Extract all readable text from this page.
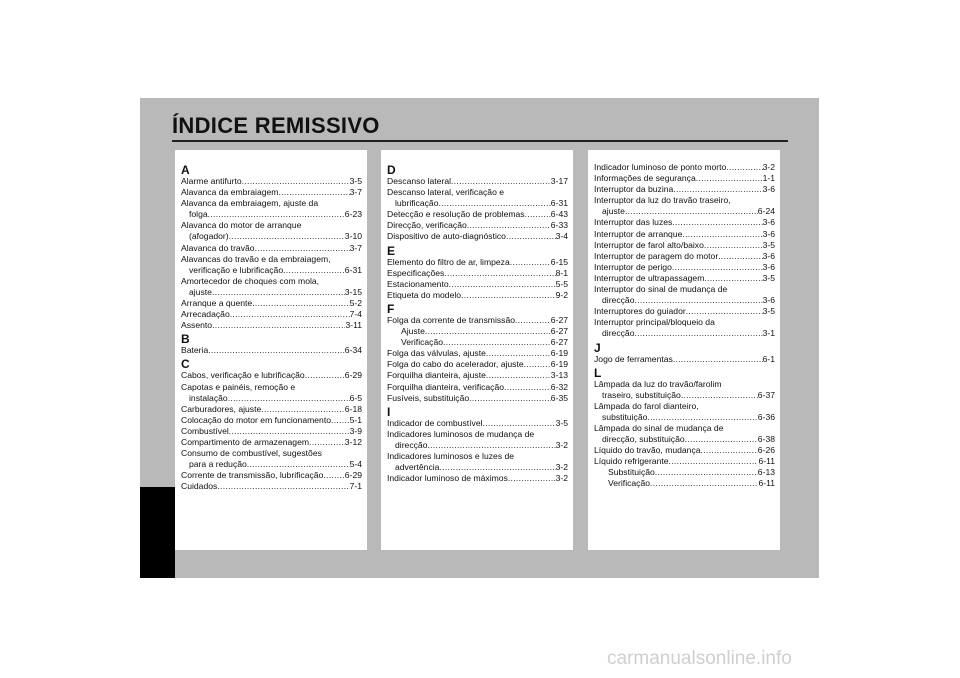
ÍNDICE REMISSIVO
A
Alarme antifurto .....	3-5
Alavanca da embraiagem .....	3-7
Alavanca da embraiagem, ajuste da
folga .....	6-23
Alavanca do motor de arranque
(afogador) .....	3-10
Alavanca do travão .....	3-7
Alavancas do travão e da embraiagem,
verificação e lubrificação .....	6-31
Amortecedor de choques com mola,
ajuste .....	3-15
Arranque a quente .....	5-2
Arrecadação .....	7-4
Assento .....	3-11
B
Bateria .....	6-34
C
Cabos, verificação e lubrificação .....	6-29
Capotas e painéis, remoção e
instalação .....	6-5
Carburadores, ajuste .....	6-18
Colocação do motor em funcionamento ..... 5-1
Combustível .....	3-9
Compartimento de armazenagem .....	3-12
Consumo de combustível, sugestões
para a redução .....	5-4
Corrente de transmissão, lubrificação ..... 6-29
Cuidados .....	7-1
D
Descanso lateral .....	3-17
Descanso lateral, verificação e
lubrificação .....	6-31
Detecção e resolução de problemas .....	6-43
Direcção, verificação .....	6-33
Dispositivo de auto-diagnóstico .....	3-4
E
Elemento do filtro de ar, limpeza .....	6-15
Especificações .....	8-1
Estacionamento .....	5-5
Etiqueta do modelo .....	9-2
F
Folga da corrente de transmissão .....	6-27
Ajuste .....	6-27
Verificação .....	6-27
Folga das válvulas, ajuste .....	6-19
Folga do cabo do acelerador, ajuste .....	6-19
Forquilha dianteira, ajuste .....	3-13
Forquilha dianteira, verificação .....	6-32
Fusíveis, substituição .....	6-35
I
Indicador de combustível .....	3-5
Indicadores luminosos de mudança de
direcção .....	3-2
Indicadores luminosos e luzes de
advertência .....	3-2
Indicador luminoso de máximos .....	3-2
Indicador luminoso de ponto morto .....	3-2
Informações de segurança .....	1-1
Interruptor da buzina .....	3-6
Interruptor da luz do travão traseiro,
ajuste .....	6-24
Interruptor das luzes .....	3-6
Interruptor de arranque .....	3-6
Interruptor de farol alto/baixo .....	3-5
Interruptor de paragem do motor .....	3-6
Interruptor de perigo .....	3-6
Interruptor de ultrapassagem .....	3-5
Interruptor do sinal de mudança de
direcção .....	3-6
Interruptores do guiador .....	3-5
Interruptor principal/bloqueio da
direcção .....	3-1
J
Jogo de ferramentas .....	6-1
L
Lâmpada da luz do travão/farolim
traseiro, substituição .....	6-37
Lâmpada do farol dianteiro,
substituição .....	6-36
Lâmpada do sinal de mudança de
direcção, substituição .....	6-38
Líquido do travão, mudança .....	6-26
Líquido refrigerante .....	6-11
Substituição .....	6-13
Verificação .....	6-11
carmanualsonline.info
